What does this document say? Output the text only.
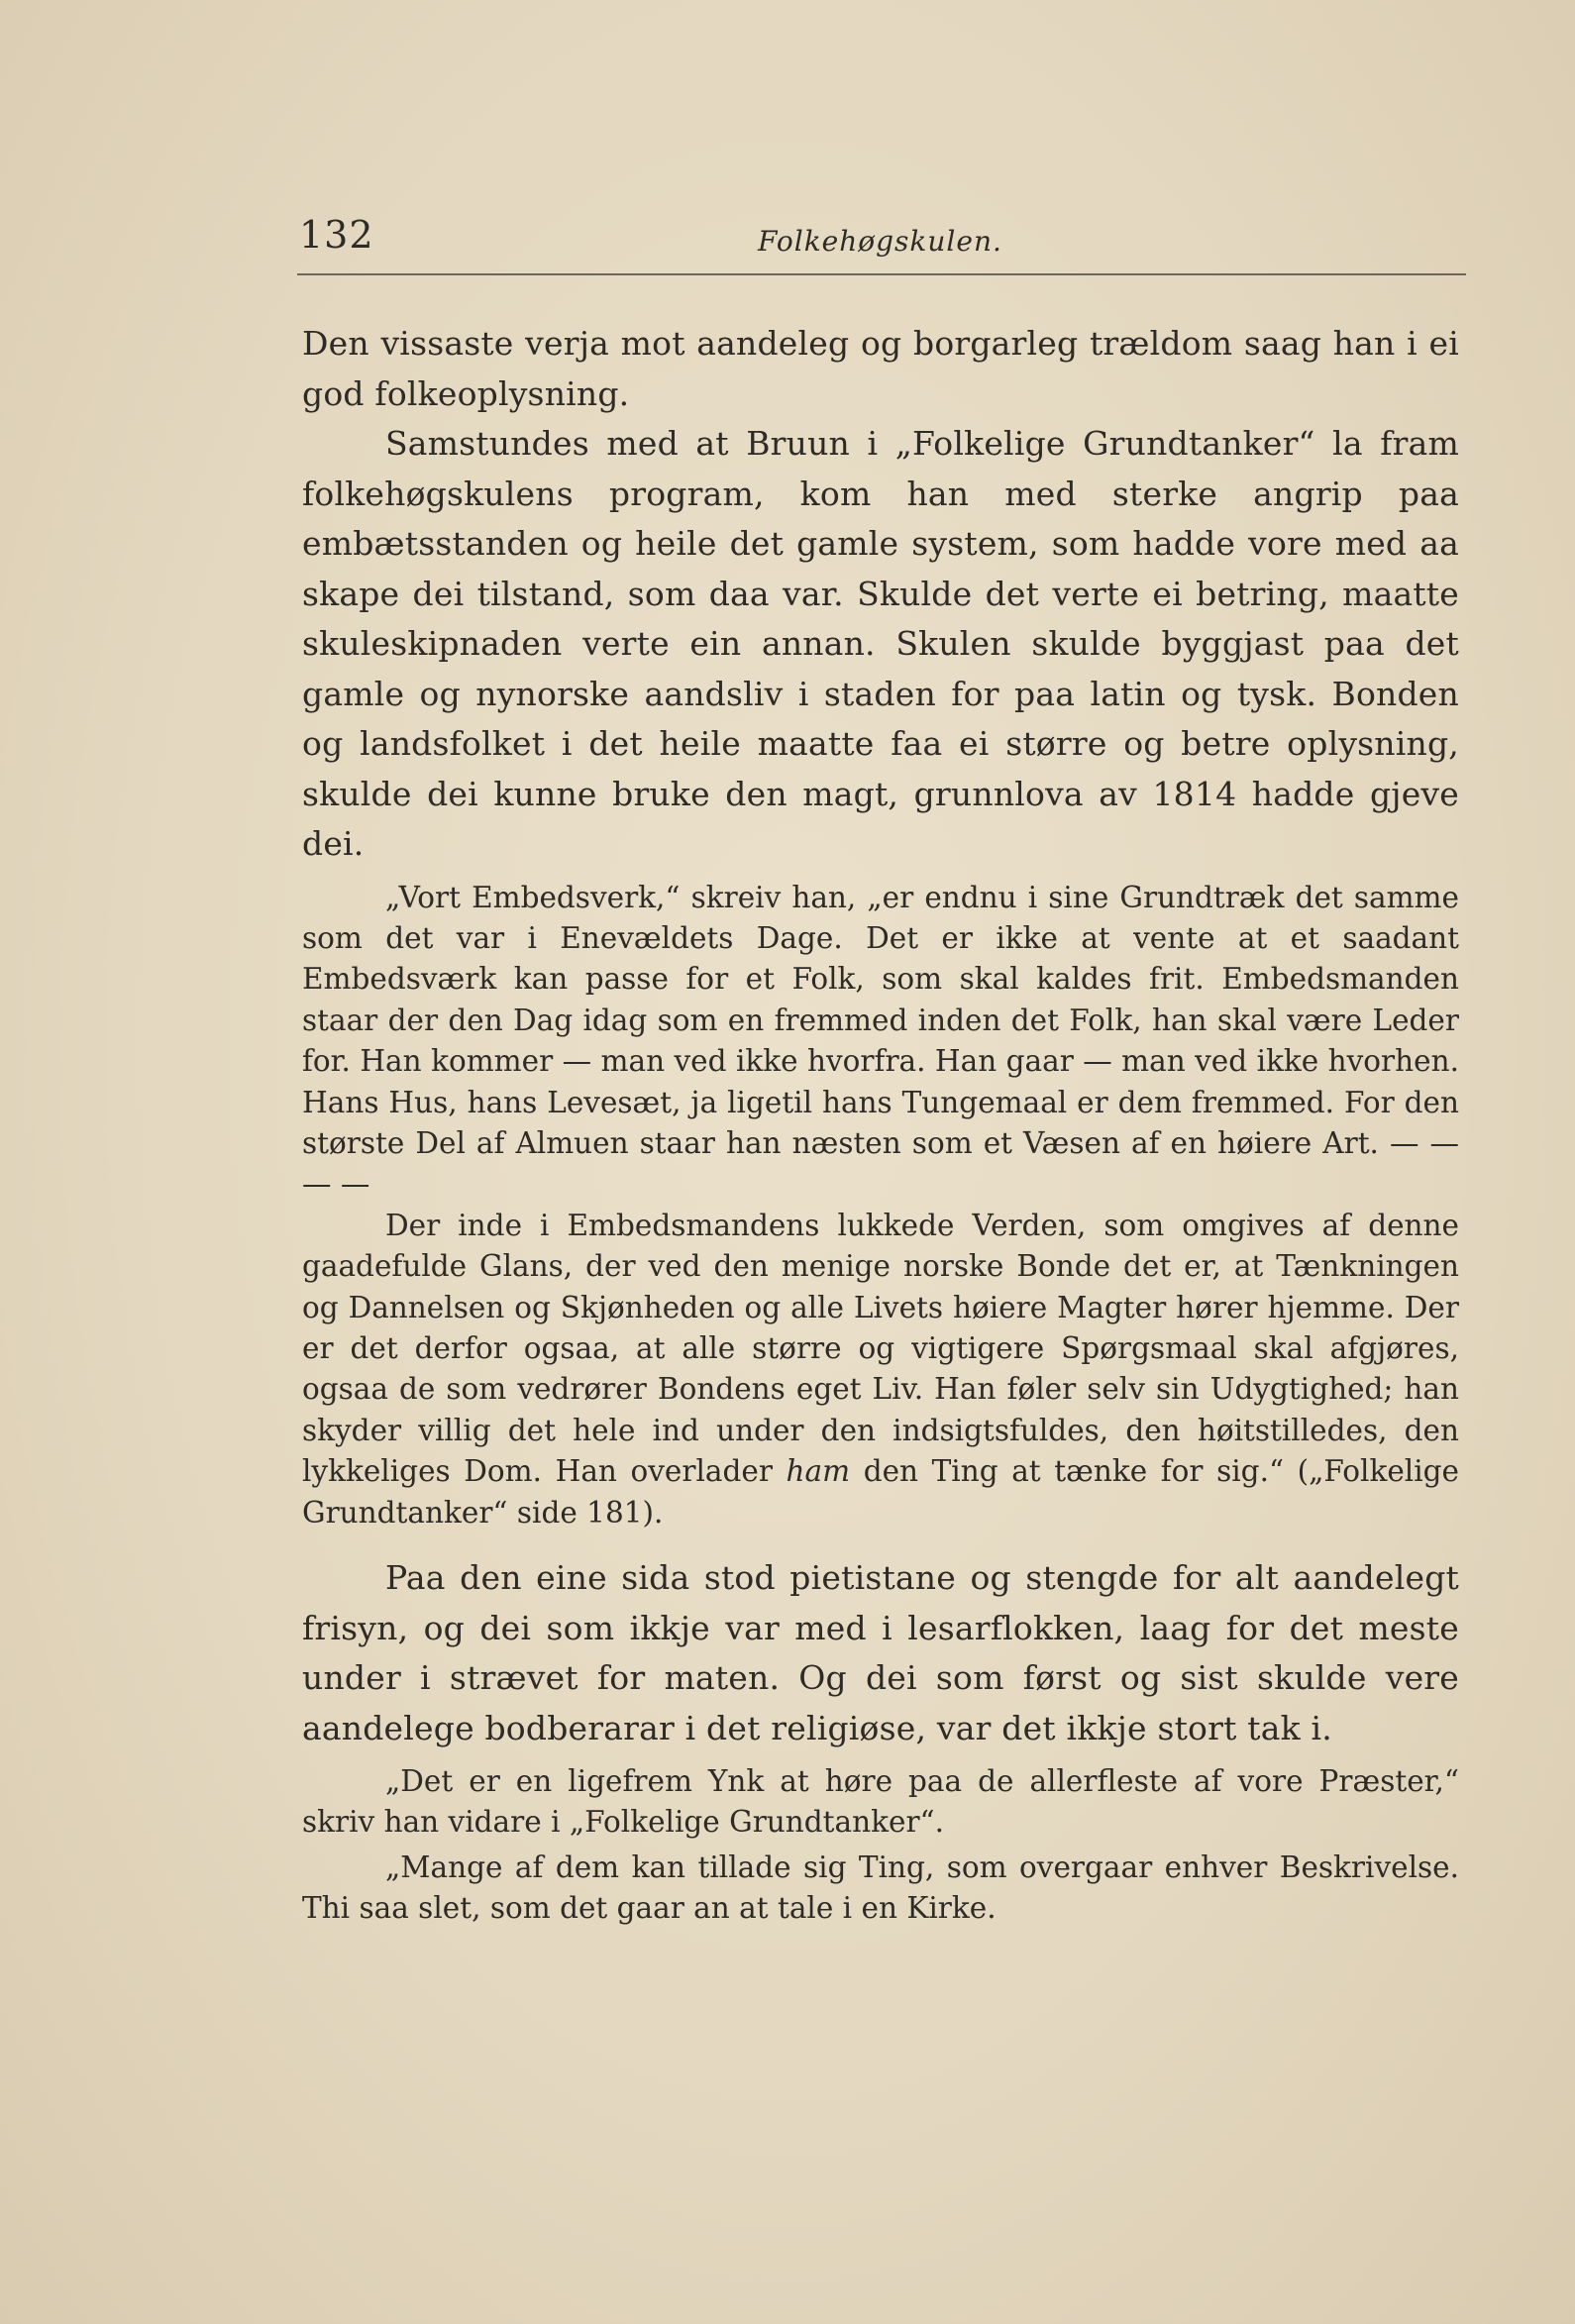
132	Folkehøgskulen.

Den vissaste verja mot aandeleg og borgarleg trældom saag han i ei god folkeoplysning.

Samstundes med at Bruun i „Folkelige Grundtanker“ la fram folkehøgskulens program, kom han med sterke angrip paa embætsstanden og heile det gamle system, som hadde vore med aa skape dei tilstand, som daa var. Skulde det verte ei betring, maatte skuleskipnaden verte ein annan. Skulen skulde byggjast paa det gamle og nynorske aandsliv i staden for paa latin og tysk. Bonden og landsfolket i det heile maatte faa ei større og betre oplysning, skulde dei kunne bruke den magt, grunnlova av 1814 hadde gjeve dei.

„Vort Embedsverk,“ skreiv han, „er endnu i sine Grundtræk det samme som det var i Enevældets Dage. Det er ikke at vente at et saadant Embedsværk kan passe for et Folk, som skal kaldes frit. Embedsmanden staar der den Dag idag som en fremmed inden det Folk, han skal være Leder for. Han kommer — man ved ikke hvorfra. Han gaar — man ved ikke hvorhen. Hans Hus, hans Levesæt, ja ligetil hans Tungemaal er dem fremmed. For den største Del af Almuen staar han næsten som et Væsen af en høiere Art. — — — —

Der inde i Embedsmandens lukkede Verden, som omgives af denne gaadefulde Glans, der ved den menige norske Bonde det er, at Tænkningen og Dannelsen og Skjønheden og alle Livets høiere Magter hører hjemme. Der er det derfor ogsaa, at alle større og vigtigere Spørgsmaal skal afgjøres, ogsaa de som vedrører Bondens eget Liv. Han føler selv sin Udygtighed; han skyder villig det hele ind under den indsigtsfuldes, den høitstilledes, den lykkeliges Dom. Han overlader ham den Ting at tænke for sig.“ („Folkelige Grundtanker“ side 181).

Paa den eine sida stod pietistane og stengde for alt aandelegt frisyn, og dei som ikkje var med i lesarflokken, laag for det meste under i strævet for maten. Og dei som først og sist skulde vere aandelege bodberarar i det religiøse, var det ikkje stort tak i.

„Det er en ligefrem Ynk at høre paa de allerfleste af vore Præster,“ skriv han vidare i „Folkelige Grundtanker“.

„Mange af dem kan tillade sig Ting, som overgaar enhver Beskrivelse. Thi saa slet, som det gaar an at tale i en Kirke.
